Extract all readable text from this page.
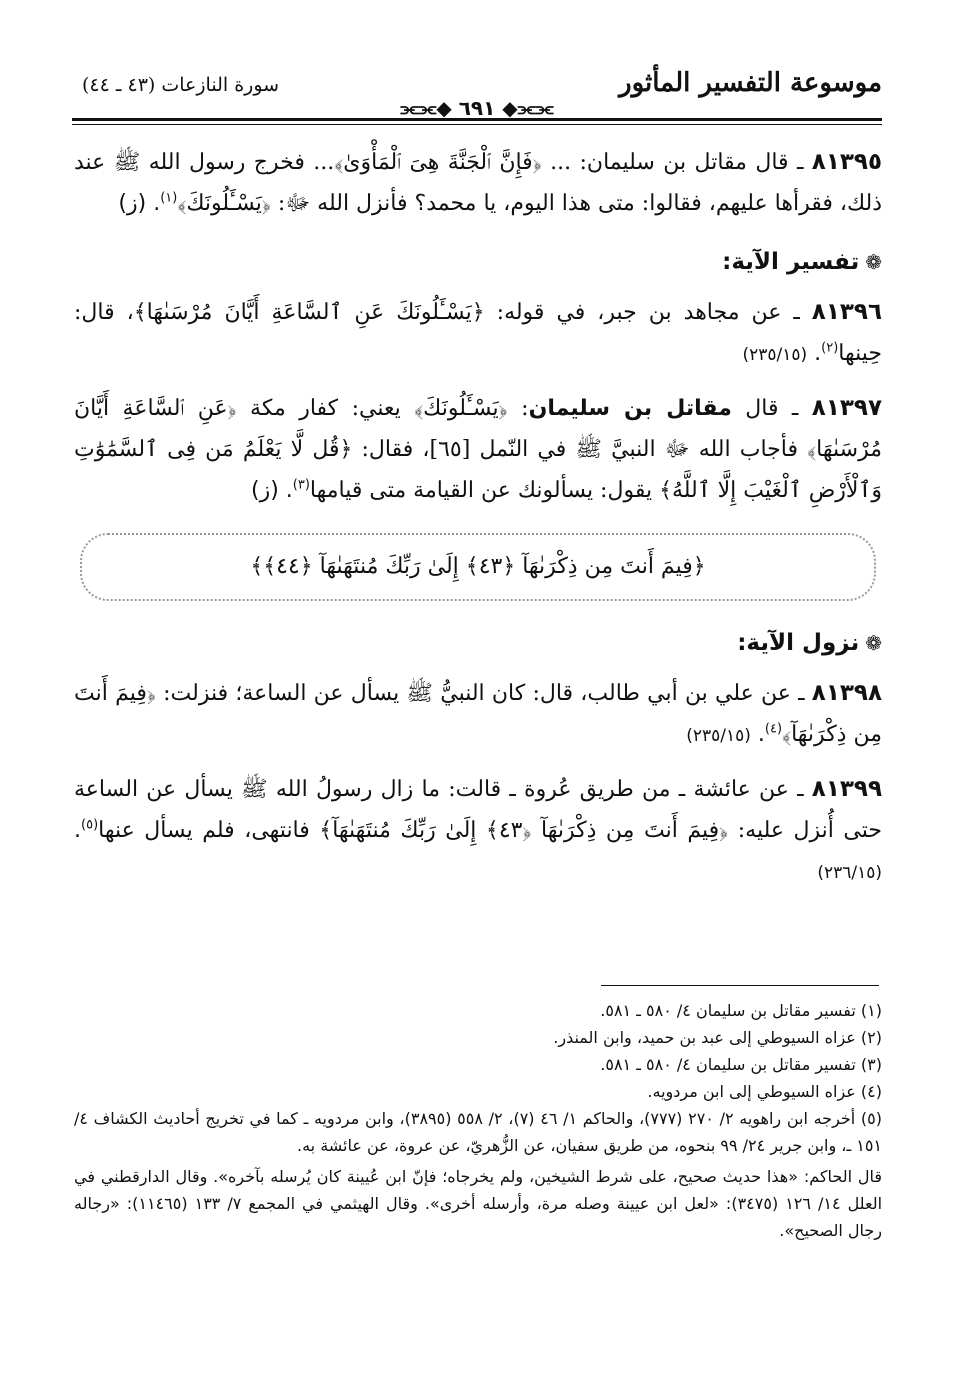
موسوعة التفسير المأثور
سورة النازعات (٤٣ ـ ٤٤)
⫘⫘◆ ٦٩١ ◆⫘⫘

٨١٣٩٥ ـ قال مقاتل بن سليمان: ... ﴿فَإِنَّ ٱلْجَنَّةَ هِىَ ٱلْمَأْوَىٰ﴾... فخرج رسول الله ﷺ عند ذلك، فقرأها عليهم، فقالوا: متى هذا اليوم، يا محمد؟ فأنزل الله ﷻ: ﴿يَسْـَٔلُونَكَ﴾$^{(١)}$. (ز)

❁تفسير الآية:

٨١٣٩٦ ـ عن مجاهد بن جبر، في قوله: ﴿يَسْـَٔلُونَكَ عَنِ ٱلسَّاعَةِ أَيَّانَ مُرْسَىٰهَا﴾، قال: حِينها$^{(٢)}$. (٢٣٥/١٥)

٨١٣٩٧ ـ قال مقاتل بن سليمان: ﴿يَسْـَٔلُونَكَ﴾ يعني: كفار مكة ﴿عَنِ ٱلسَّاعَةِ أَيَّانَ مُرْسَىٰهَا﴾ فأجاب الله ﷻ النبيَّ ﷺ في النّمل [٦٥]، فقال: ﴿قُل لَّا يَعْلَمُ مَن فِى ٱلسَّمَٰوَٰتِ وَٱلْأَرْضِ ٱلْغَيْبَ إِلَّا ٱللَّهُ﴾ يقول: يسألونك عن القيامة متى قيامها$^{(٣)}$. (ز)

﴿فِيمَ أَنتَ مِن ذِكْرَىٰهَآ ﴿٤٣﴾ إِلَىٰ رَبِّكَ مُنتَهَىٰهَآ ﴿٤٤﴾﴾
❁نزول الآية:

٨١٣٩٨ ـ عن علي بن أبي طالب، قال: كان النبيُّ ﷺ يسأل عن الساعة؛ فنزلت: ﴿فِيمَ أَنتَ مِن ذِكْرَىٰهَآ﴾$^{(٤)}$. (٢٣٥/١٥)

٨١٣٩٩ ـ عن عائشة ـ من طريق عُروة ـ قالت: ما زال رسولُ الله ﷺ يسأل عن الساعة حتى أُنزل عليه: ﴿فِيمَ أَنتَ مِن ذِكْرَىٰهَآ ﴿٤٣﴾ إِلَىٰ رَبِّكَ مُنتَهَىٰهَآ﴾ فانتهى، فلم يسأل عنها$^{(٥)}$. (٢٣٦/١٥)

(١) تفسير مقاتل بن سليمان ٤/ ٥٨٠ ـ ٥٨١.

(٢) عزاه السيوطي إلى عبد بن حميد، وابن المنذر.

(٣) تفسير مقاتل بن سليمان ٤/ ٥٨٠ ـ ٥٨١.

(٤) عزاه السيوطي إلى ابن مردويه.

(٥) أخرجه ابن راهويه ٢/ ٢٧٠ (٧٧٧)، والحاكم ١/ ٤٦ (٧)، ٢/ ٥٥٨ (٣٨٩٥)، وابن مردويه ـ كما في تخريج أحاديث الكشاف ٤/ ١٥١ ـ، وابن جرير ٢٤/ ٩٩ بنحوه، من طريق سفيان، عن الزُّهريّ، عن عروة، عن عائشة به.

قال الحاكم: «هذا حديث صحيح، على شرط الشيخين، ولم يخرجاه؛ فإنّ ابن عُيينة كان يُرسله بآخره». وقال الدارقطني في العلل ١٤/ ١٢٦ (٣٤٧٥): «لعل ابن عيينة وصله مرة، وأرسله أخرى». وقال الهيثمي في المجمع ٧/ ١٣٣ (١١٤٦٥): «رجاله رجال الصحيح».
